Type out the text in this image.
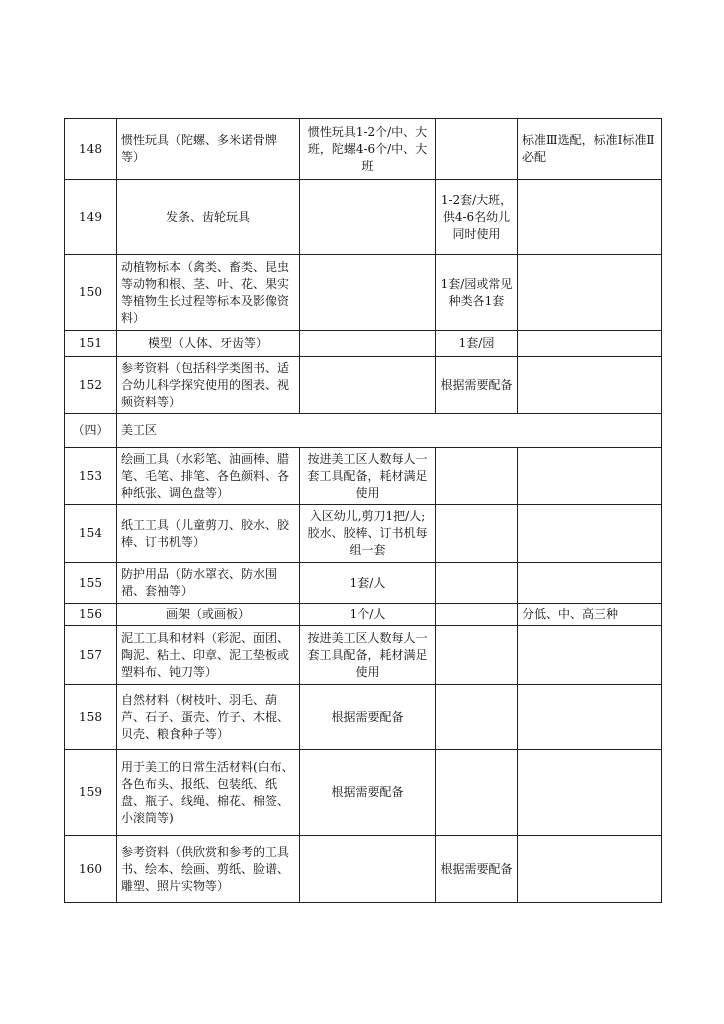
148	惯性玩具（陀螺、多米诺骨牌等）	惯性玩具1-2个/中、大班，陀螺4-6个/中、大班		标准Ⅲ选配，标准Ⅰ标准Ⅱ必配
149	发条、齿轮玩具		1-2套/大班，供4-6名幼儿同时使用	
150	动植物标本（禽类、畜类、昆虫等动物和根、茎、叶、花、果实等植物生长过程等标本及影像资料）		1套/园或常见种类各1套	
151	模型（人体、牙齿等）		1套/园	
152	参考资料（包括科学类图书、适合幼儿科学探究使用的图表、视频资料等）		根据需要配备	
（四）	美工区			
153	绘画工具（水彩笔、油画棒、腊笔、毛笔、排笔、各色颜料、各种纸张、调色盘等）	按进美工区人数每人一套工具配备，耗材满足使用		
154	纸工工具（儿童剪刀、胶水、胶棒、订书机等）	入区幼儿,剪刀1把/人;胶水、胶棒、订书机每组一套		
155	防护用品（防水罩衣、防水围裙、套袖等）	1套/人		
156	画架（或画板）	1个/人		分低、中、高三种
157	泥工工具和材料（彩泥、面团、陶泥、粘土、印章、泥工垫板或塑料布、钝刀等）	按进美工区人数每人一套工具配备，耗材满足使用		
158	自然材料（树枝叶、羽毛、葫芦、石子、蛋壳、竹子、木棍、贝壳、粮食种子等）	根据需要配备		
159	用于美工的日常生活材料(白布、各色布头、报纸、包装纸、纸盘、瓶子、线绳、棉花、棉签、小滚筒等)	根据需要配备		
160	参考资料（供欣赏和参考的工具书、绘本、绘画、剪纸、脸谱、雕塑、照片实物等）		根据需要配备	
